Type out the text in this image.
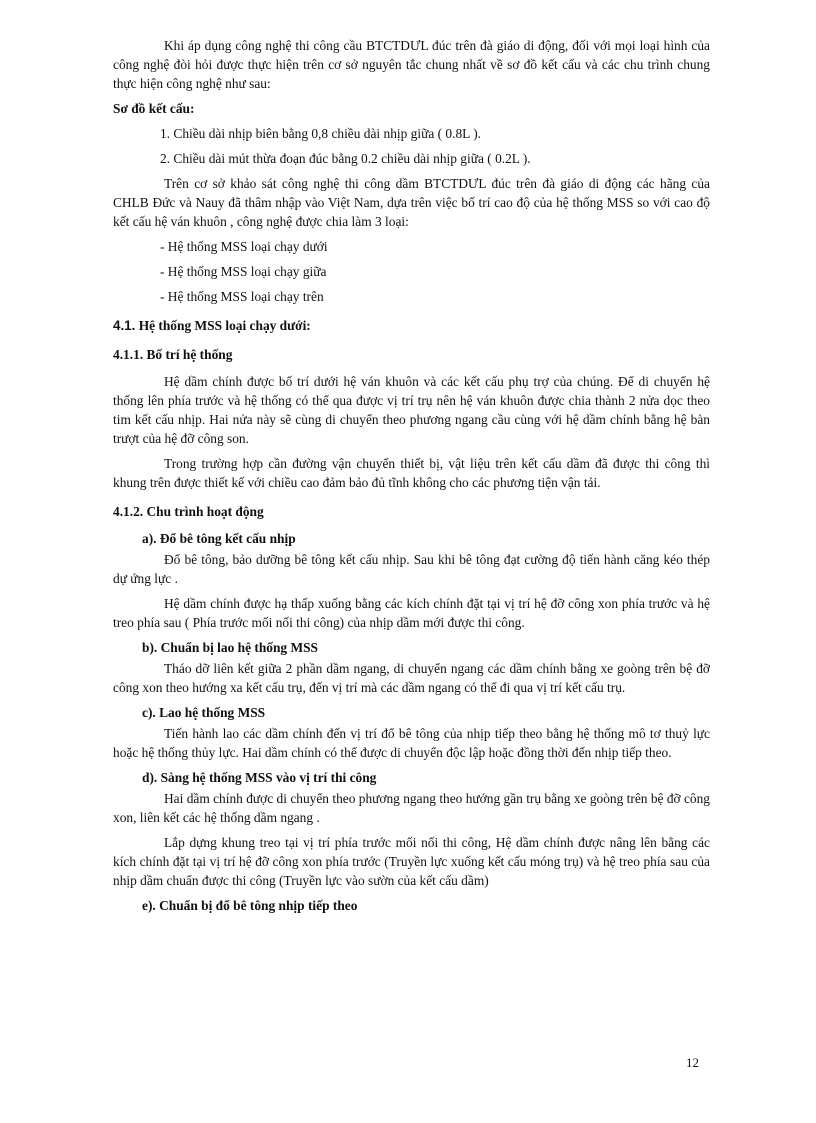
Khi áp dụng công nghệ thi công cầu BTCTDƯL đúc trên đà giáo di động, đối với mọi loại hình của công nghệ đòi hỏi được thực hiện trên cơ sở nguyên tắc chung nhất về sơ đồ kết cấu và các chu trình chung thực hiện công nghệ như sau:

Sơ đồ kết cấu:

1. Chiều dài nhịp biên bằng 0,8 chiều dài nhịp giữa ( 0.8L ).

2. Chiều dài mút thừa đoạn đúc bằng 0.2 chiều dài nhịp giữa ( 0.2L ).

Trên cơ sở khảo sát công nghệ thi công dầm BTCTDƯL đúc trên đà giáo di động các hãng của CHLB Đức và Nauy đã thâm nhập vào Việt Nam, dựa trên việc bố trí cao độ của hệ thống MSS so với cao độ kết cấu hệ ván khuôn , công nghệ được chia làm 3 loại:

- Hệ thống MSS loại chạy dưới

- Hệ thống MSS loại chạy giữa

- Hệ thống MSS loại chạy trên

4.1. Hệ thống MSS loại chạy dưới:

4.1.1. Bố trí hệ thống

Hệ dầm chính được bố trí dưới hệ ván khuôn và các kết cấu phụ trợ của chúng. Để di chuyển hệ thống lên phía trước và hệ thống có thể qua được vị trí trụ nên hệ ván khuôn được chia thành 2 nửa dọc theo tim kết cấu nhịp. Hai nửa này sẽ cùng di chuyển theo phương ngang cầu cùng với hệ dầm chính bằng hệ bàn trượt của hệ đỡ công son.

Trong trường hợp cần đường vận chuyển thiết bị, vật liệu trên kết cấu dầm đã được thi công thì khung trên được thiết kế với chiều cao đảm bảo đủ tĩnh không cho các phương tiện vận tải.

4.1.2. Chu trình hoạt động

a). Đổ bê tông kết cấu nhịp

Đổ bê tông, bảo dưỡng bê tông kết cấu nhịp. Sau khi bê tông đạt cường độ tiến hành căng kéo thép dự ứng lực .

Hệ dầm chính được hạ thấp xuống bằng các kích chính đặt tại vị trí hệ đỡ công xon phía trước và hệ treo phía sau ( Phía trước mối nối thi công) của nhịp dầm mới được thi công.

b). Chuẩn bị lao hệ thống MSS

Tháo dỡ liên kết giữa 2 phần dầm ngang, di chuyển ngang các dầm chính bằng xe goòng trên bệ đỡ công xon theo hướng xa kết cấu trụ, đến vị trí mà các dầm ngang có thể đi qua vị trí kết cấu trụ.

c). Lao hệ thống MSS

Tiến hành lao các dầm chính đến vị trí đổ bê tông của nhịp tiếp theo bằng hệ thống mô tơ thuỷ lực hoặc hệ thống thủy lực. Hai dầm chính có thể được di chuyển độc lập hoặc đồng thời đến nhịp tiếp theo.

d). Sàng hệ thống MSS vào vị trí thi công

Hai dầm chính được di chuyển theo phương ngang theo hướng gần trụ bằng xe goòng trên bệ đỡ công xon, liên kết các hệ thống dầm ngang .

Lắp dựng khung treo tại vị trí phía trước mối nối thi công, Hệ dầm chính được nâng lên bằng các kích chính đặt tại vị trí hệ đỡ công xon phía trước (Truyền lực xuống kết cấu móng trụ) và hệ treo phía sau của nhịp dầm chuẩn được thi công (Truyền lực vào sườn của kết cấu dầm)

e). Chuẩn bị đổ bê tông nhịp tiếp theo

12
